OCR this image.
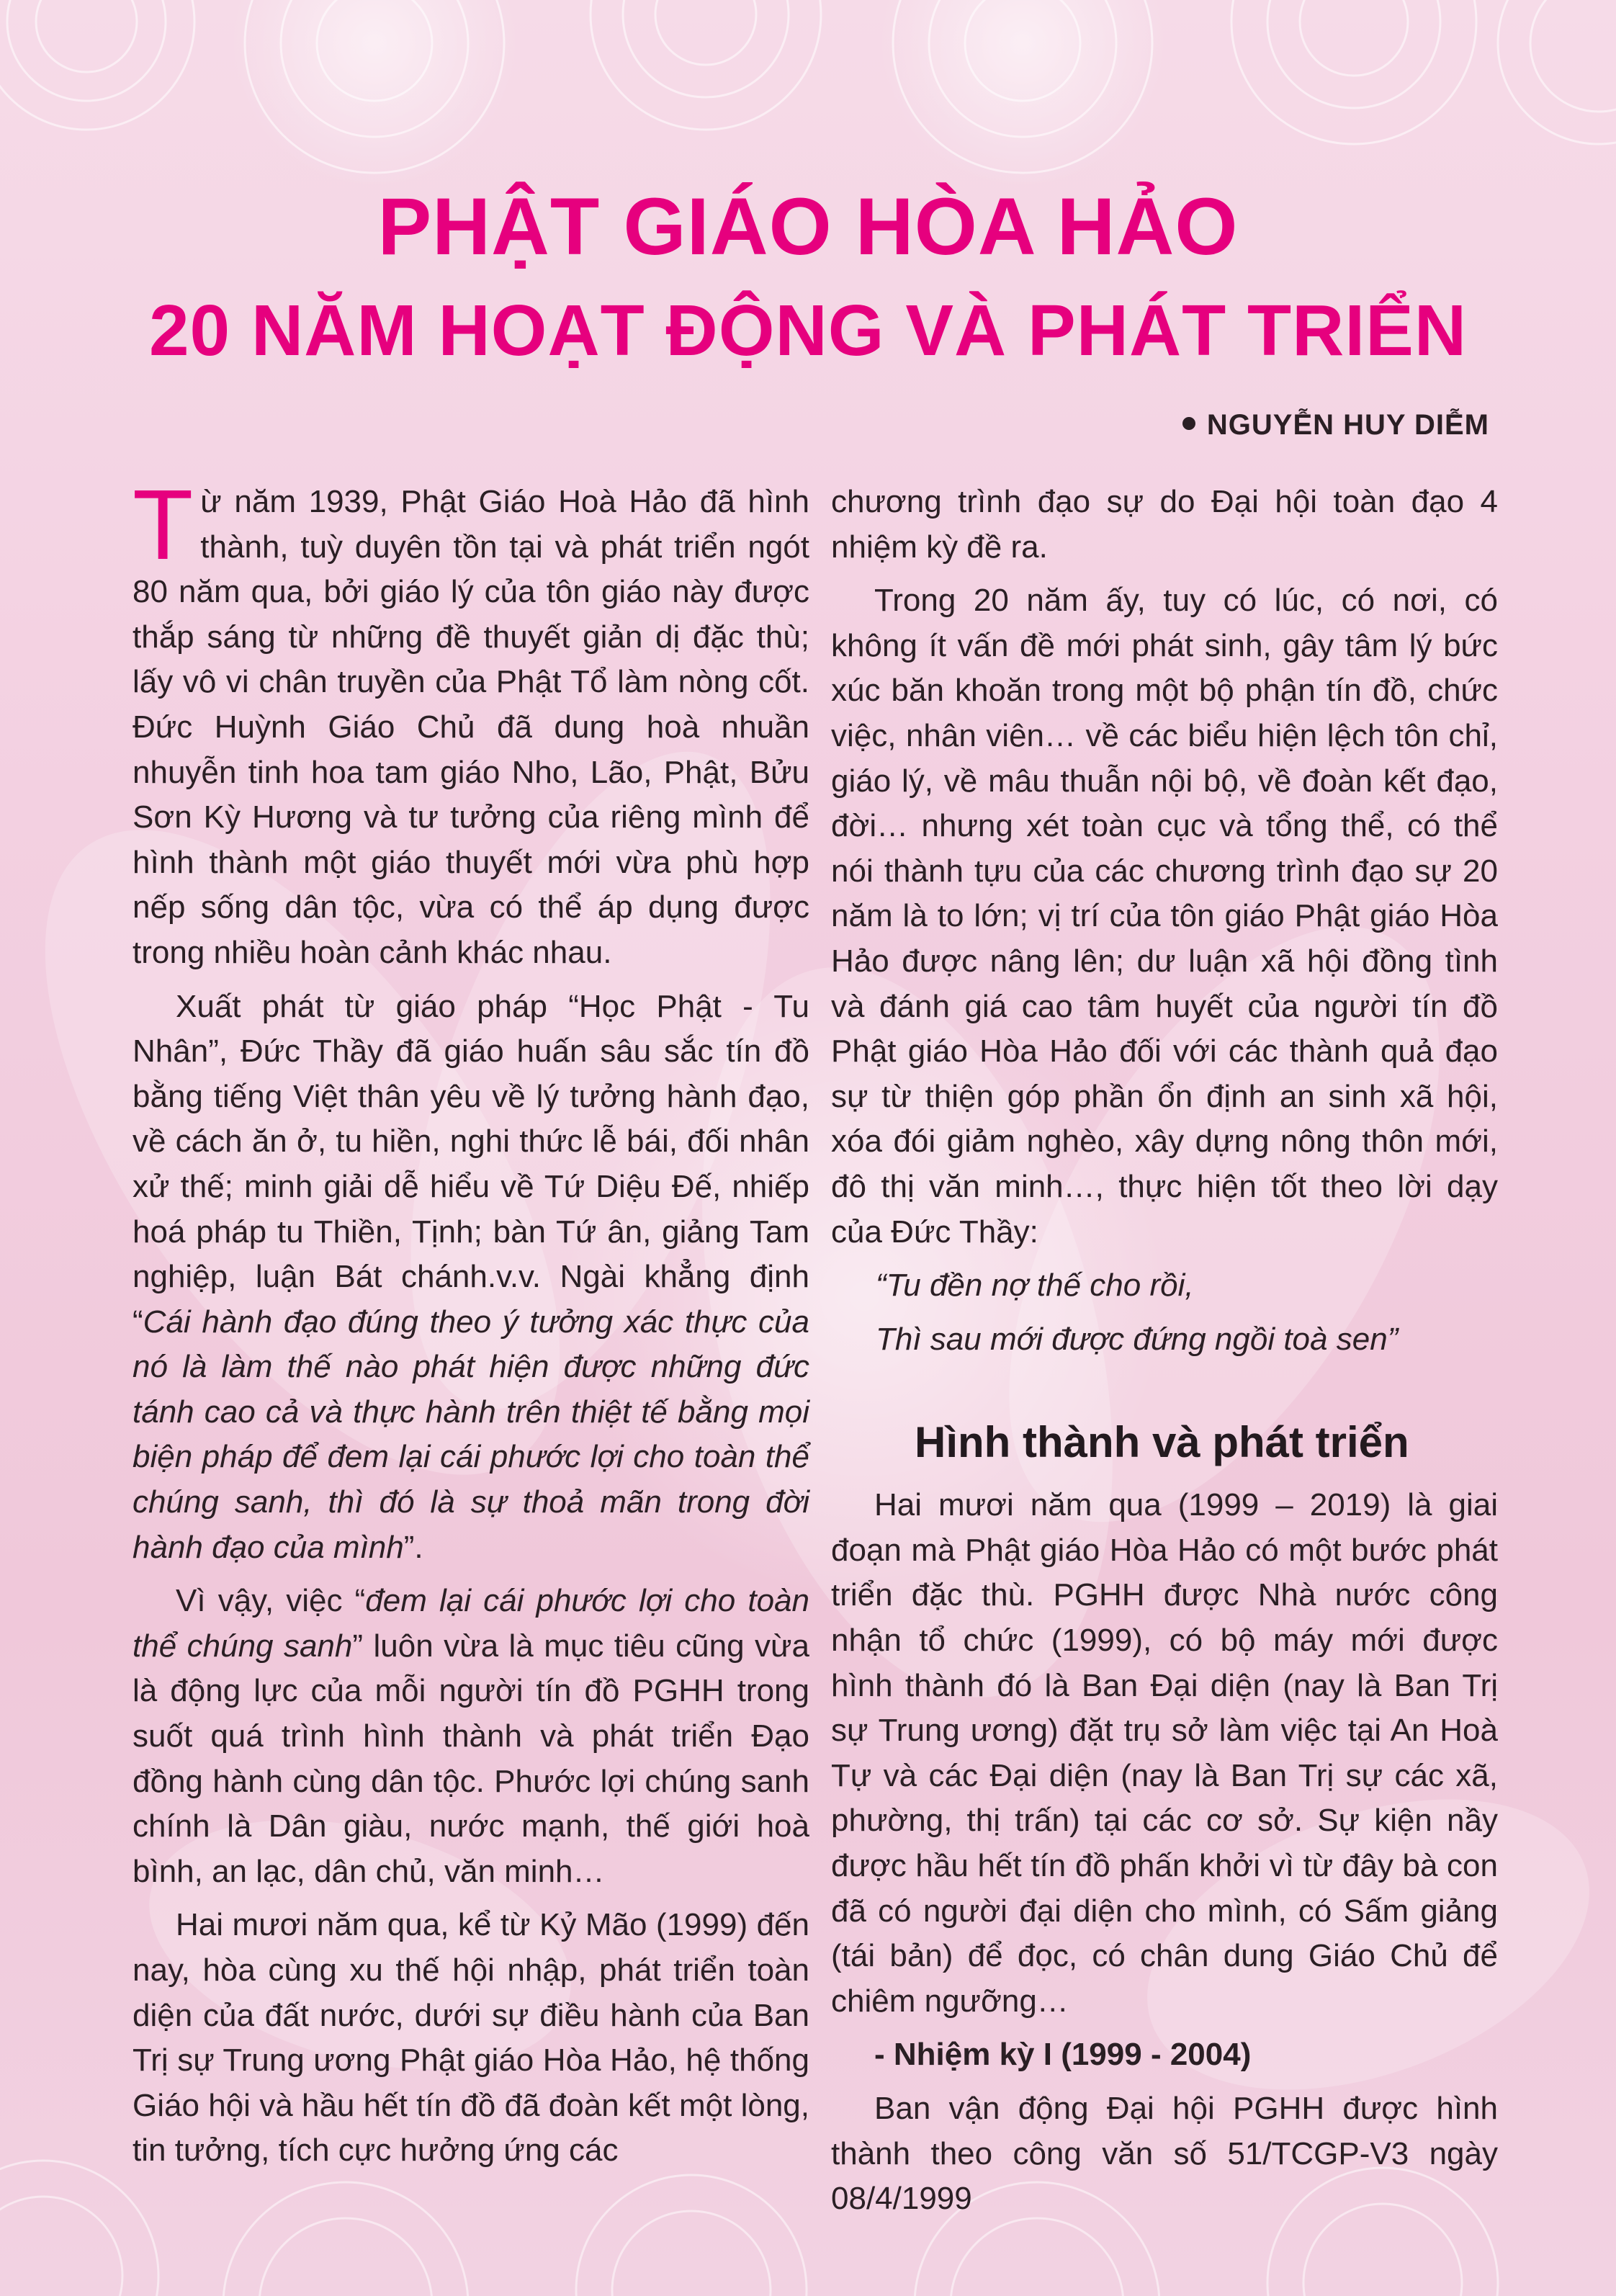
PHẬT GIÁO HÒA HẢO
20 NĂM HOẠT ĐỘNG VÀ PHÁT TRIỂN
NGUYỄN HUY DIỄM

Từ năm 1939, Phật Giáo Hoà Hảo đã hình thành, tuỳ duyên tồn tại và phát triển ngót 80 năm qua, bởi giáo lý của tôn giáo này được thắp sáng từ những đề thuyết giản dị đặc thù; lấy vô vi chân truyền của Phật Tổ làm nòng cốt. Đức Huỳnh Giáo Chủ đã dung hoà nhuần nhuyễn tinh hoa tam giáo Nho, Lão, Phật, Bửu Sơn Kỳ Hương và tư tưởng của riêng mình để hình thành một giáo thuyết mới vừa phù hợp nếp sống dân tộc, vừa có thể áp dụng được trong nhiều hoàn cảnh khác nhau.

Xuất phát từ giáo pháp “Học Phật - Tu Nhân”, Đức Thầy đã giáo huấn sâu sắc tín đồ bằng tiếng Việt thân yêu về lý tưởng hành đạo, về cách ăn ở, tu hiền, nghi thức lễ bái, đối nhân xử thế; minh giải dễ hiểu về Tứ Diệu Đế, nhiếp hoá pháp tu Thiền, Tịnh; bàn Tứ ân, giảng Tam nghiệp, luận Bát chánh.v.v. Ngài khẳng định “Cái hành đạo đúng theo ý tưởng xác thực của nó là làm thế nào phát hiện được những đức tánh cao cả và thực hành trên thiệt tế bằng mọi biện pháp để đem lại cái phước lợi cho toàn thể chúng sanh, thì đó là sự thoả mãn trong đời hành đạo của mình”.

Vì vậy, việc “đem lại cái phước lợi cho toàn thể chúng sanh” luôn vừa là mục tiêu cũng vừa là động lực của mỗi người tín đồ PGHH trong suốt quá trình hình thành và phát triển Đạo đồng hành cùng dân tộc. Phước lợi chúng sanh chính là Dân giàu, nước mạnh, thế giới hoà bình, an lạc, dân chủ, văn minh…

Hai mươi năm qua, kể từ Kỷ Mão (1999) đến nay, hòa cùng xu thế hội nhập, phát triển toàn diện của đất nước, dưới sự điều hành của Ban Trị sự Trung ương Phật giáo Hòa Hảo, hệ thống Giáo hội và hầu hết tín đồ đã đoàn kết một lòng, tin tưởng, tích cực hưởng ứng các

chương trình đạo sự do Đại hội toàn đạo 4 nhiệm kỳ đề ra.

Trong 20 năm ấy, tuy có lúc, có nơi, có không ít vấn đề mới phát sinh, gây tâm lý bức xúc băn khoăn trong một bộ phận tín đồ, chức việc, nhân viên… về các biểu hiện lệch tôn chỉ, giáo lý, về mâu thuẫn nội bộ, về đoàn kết đạo, đời… nhưng xét toàn cục và tổng thể, có thể nói thành tựu của các chương trình đạo sự 20 năm là to lớn; vị trí của tôn giáo Phật giáo Hòa Hảo được nâng lên; dư luận xã hội đồng tình và đánh giá cao tâm huyết của người tín đồ Phật giáo Hòa Hảo đối với các thành quả đạo sự từ thiện góp phần ổn định an sinh xã hội, xóa đói giảm nghèo, xây dựng nông thôn mới, đô thị văn minh…, thực hiện tốt theo lời dạy của Đức Thầy:

“Tu đền nợ thế cho rồi,

Thì sau mới được đứng ngồi toà sen”

Hình thành và phát triển

Hai mươi năm qua (1999 – 2019) là giai đoạn mà Phật giáo Hòa Hảo có một bước phát triển đặc thù. PGHH được Nhà nước công nhận tổ chức (1999), có bộ máy mới được hình thành đó là Ban Đại diện (nay là Ban Trị sự Trung ương) đặt trụ sở làm việc tại An Hoà Tự và các Đại diện (nay là Ban Trị sự các xã, phường, thị trấn) tại các cơ sở. Sự kiện nầy được hầu hết tín đồ phấn khởi vì từ đây bà con đã có người đại diện cho mình, có Sấm giảng (tái bản) để đọc, có chân dung Giáo Chủ để chiêm ngưỡng…

- Nhiệm kỳ I (1999 - 2004)

Ban vận động Đại hội PGHH được hình thành theo công văn số 51/TCGP-V3 ngày 08/4/1999
